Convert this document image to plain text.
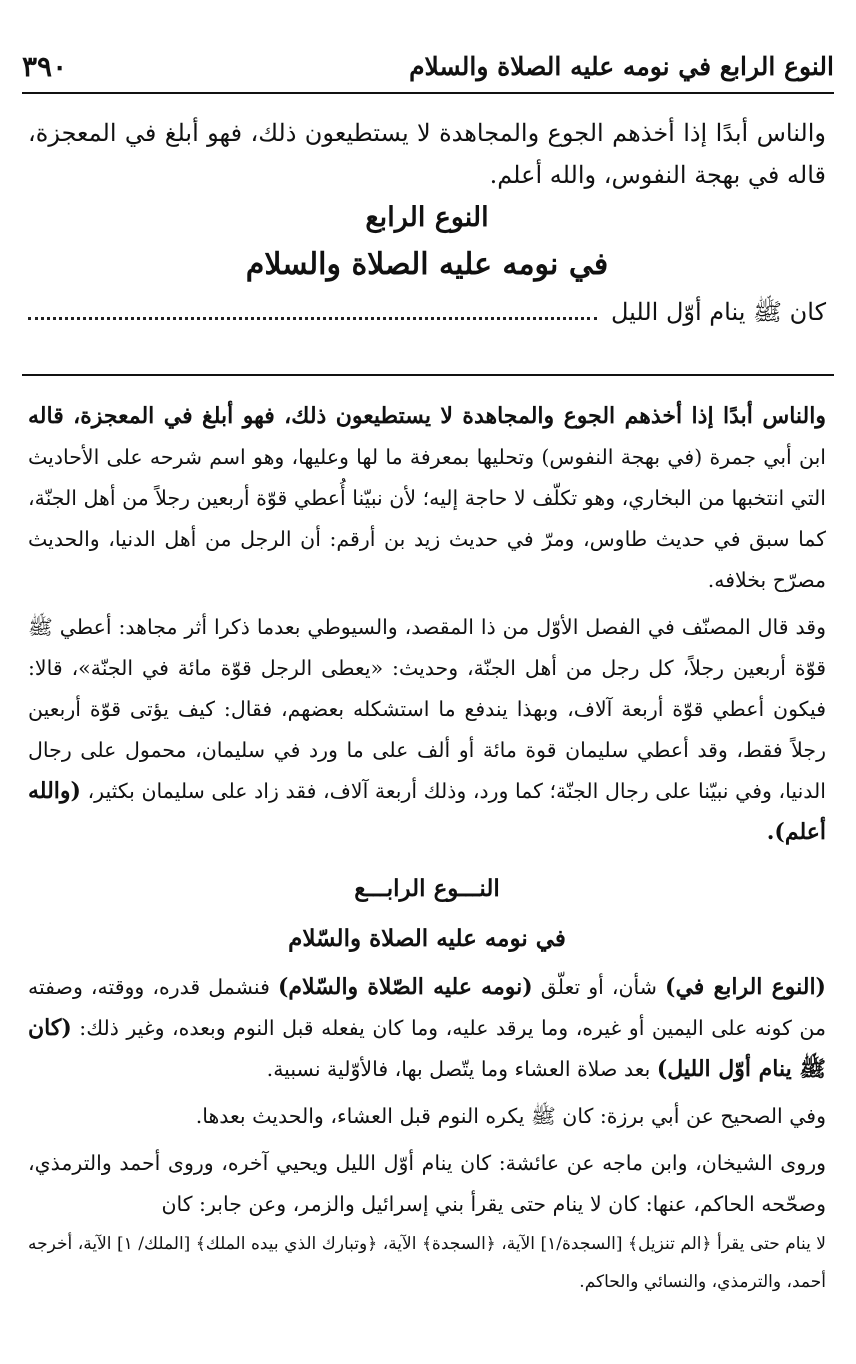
النوع الرابع في نومه عليه الصلاة والسلام
٣٩٠

والناس أبدًا إذا أخذهم الجوع والمجاهدة لا يستطيعون ذلك، فهو أبلغ في المعجزة، قاله في بهجة النفوس، والله أعلم.

النوع الرابع
في نومه عليه الصلاة والسلام
كان ﷺ ينام أوّل الليل

والناس أبدًا إذا أخذهم الجوع والمجاهدة لا يستطيعون ذلك، فهو أبلغ في المعجزة، قاله ابن أبي جمرة (في بهجة النفوس) وتحليها بمعرفة ما لها وعليها، وهو اسم شرحه على الأحاديث التي انتخبها من البخاري، وهو تكلّف لا حاجة إليه؛ لأن نبيّنا أُعطي قوّة أربعين رجلاً من أهل الجنّة، كما سبق في حديث طاوس، ومرّ في حديث زيد بن أرقم: أن الرجل من أهل الدنيا، والحديث مصرّح بخلافه.

وقد قال المصنّف في الفصل الأوّل من ذا المقصد، والسيوطي بعدما ذكرا أثر مجاهد: أعطي ﷺ قوّة أربعين رجلاً، كل رجل من أهل الجنّة، وحديث: «يعطى الرجل قوّة مائة في الجنّة»، قالا: فيكون أعطي قوّة أربعة آلاف، وبهذا يندفع ما استشكله بعضهم، فقال: كيف يؤتى قوّة أربعين رجلاً فقط، وقد أعطي سليمان قوة مائة أو ألف على ما ورد في سليمان، محمول على رجال الدنيا، وفي نبيّنا على رجال الجنّة؛ كما ورد، وذلك أربعة آلاف، فقد زاد على سليمان بكثير، (والله أعلم).

النـــوع الرابـــع
في نومه عليه الصلاة والسّلام

(النوع الرابع في) شأن، أو تعلّق (نومه عليه الصّلاة والسّلام) فنشمل قدره، ووقته، وصفته من كونه على اليمين أو غيره، وما يرقد عليه، وما كان يفعله قبل النوم وبعده، وغير ذلك: (كان ﷺ ينام أوّل الليل) بعد صلاة العشاء وما يتّصل بها، فالأوّلية نسبية.

وفي الصحيح عن أبي برزة: كان ﷺ يكره النوم قبل العشاء، والحديث بعدها.

وروى الشيخان، وابن ماجه عن عائشة: كان ينام أوّل الليل ويحيي آخره، وروى أحمد والترمذي، وصحّحه الحاكم، عنها: كان لا ينام حتى يقرأ بني إسرائيل والزمر، وعن جابر: كان

لا ينام حتى يقرأ ﴿الم تنزيل﴾ [السجدة/١] الآية، ﴿السجدة﴾ الآية، ﴿وتبارك الذي بيده الملك﴾ [الملك/ ١] الآية، أخرجه أحمد، والترمذي، والنسائي والحاكم.
